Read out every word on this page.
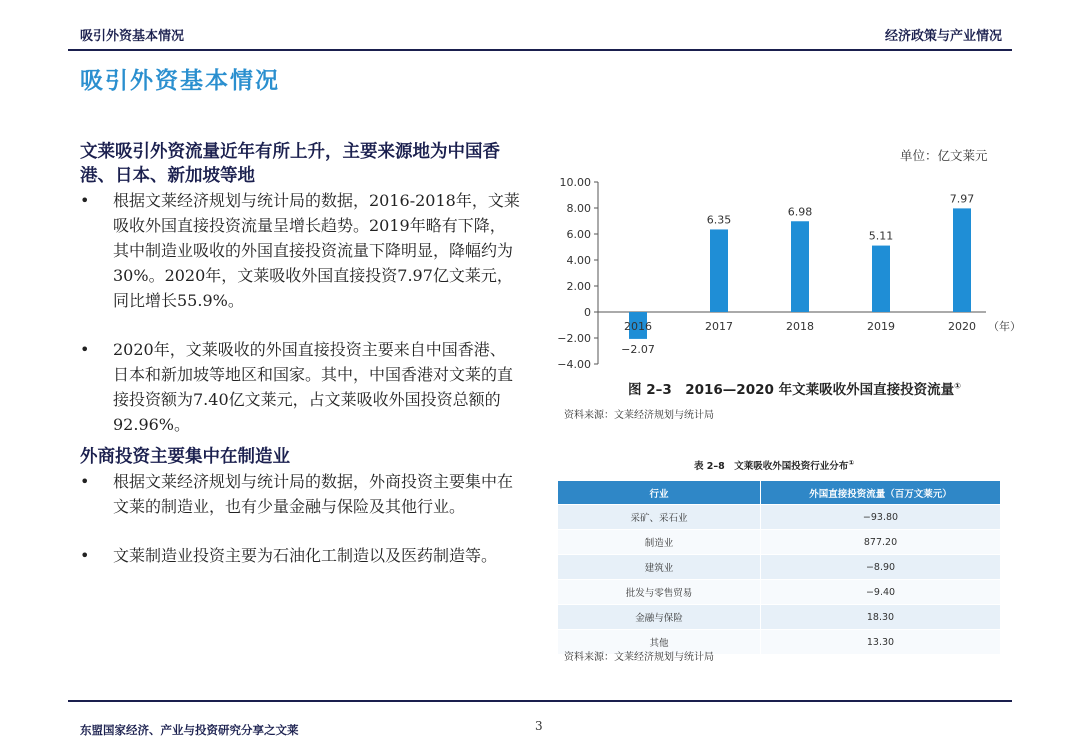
吸引外资基本情况	经济政策与产业情况
吸引外资基本情况
文莱吸引外资流量近年有所上升，主要来源地为中国香港、日本、新加坡等地
• 根据文莱经济规划与统计局的数据，2016-2018年，文莱吸收外国直接投资流量呈增长趋势。2019年略有下降，其中制造业吸收的外国直接投资流量下降明显，降幅约为30%。2020年，文莱吸收外国直接投资7.97亿文莱元，同比增长55.9%。
• 2020年，文莱吸收的外国直接投资主要来自中国香港、日本和新加坡等地区和国家。其中，中国香港对文莱的直接投资额为7.40亿文莱元，占文莱吸收外国投资总额的92.96%。
外商投资主要集中在制造业
• 根据文莱经济规划与统计局的数据，外商投资主要集中在文莱的制造业，也有少量金融与保险及其他行业。
• 文莱制造业投资主要为石油化工制造以及医药制造等。
单位：亿文莱元
10.00
8.00
6.00
4.00
2.00
0
−2.00
−4.00
−2.07
2016
6.35
2017
6.98
2018
5.11
2019
7.97
2020 （年）
图 2–3　2016—2020 年文莱吸收外国直接投资流量①
资料来源：文莱经济规划与统计局
表 2–8　文莱吸收外国投资行业分布①
行业	外国直接投资流量（百万文莱元）
采矿、采石业	−93.80
制造业	877.20
建筑业	−8.90
批发与零售贸易	−9.40
金融与保险	18.30
其他	13.30
资料来源：文莱经济规划与统计局
东盟国家经济、产业与投资研究分享之文莱	3
